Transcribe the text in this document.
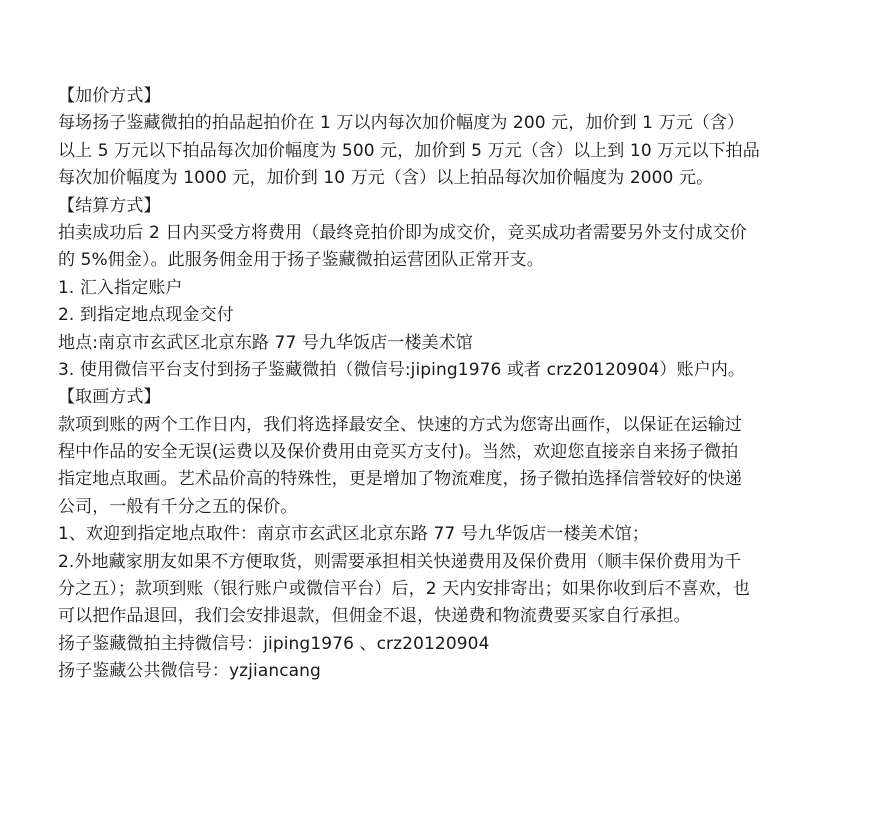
【加价方式】
每场扬子鉴藏微拍的拍品起拍价在 1 万以内每次加价幅度为 200 元，加价到 1 万元（含）
以上 5 万元以下拍品每次加价幅度为 500 元，加价到 5 万元（含）以上到 10 万元以下拍品
每次加价幅度为 1000 元，加价到 10 万元（含）以上拍品每次加价幅度为 2000 元。
【结算方式】
拍卖成功后 2 日内买受方将费用（最终竞拍价即为成交价，竞买成功者需要另外支付成交价
的 5%佣金）。此服务佣金用于扬子鉴藏微拍运营团队正常开支。
1. 汇入指定账户
2. 到指定地点现金交付
地点:南京市玄武区北京东路 77 号九华饭店一楼美术馆
3. 使用微信平台支付到扬子鉴藏微拍（微信号:jiping1976 或者 crz20120904）账户内。
【取画方式】
款项到账的两个工作日内，我们将选择最安全、快速的方式为您寄出画作，以保证在运输过
程中作品的安全无误(运费以及保价费用由竞买方支付)。当然，欢迎您直接亲自来扬子微拍
指定地点取画。艺术品价高的特殊性，更是增加了物流难度，扬子微拍选择信誉较好的快递
公司，一般有千分之五的保价。
1、欢迎到指定地点取件：南京市玄武区北京东路 77 号九华饭店一楼美术馆；
2.外地藏家朋友如果不方便取货，则需要承担相关快递费用及保价费用（顺丰保价费用为千
分之五）；款项到账（银行账户或微信平台）后，2 天内安排寄出；如果你收到后不喜欢，也
可以把作品退回，我们会安排退款，但佣金不退，快递费和物流费要买家自行承担。
扬子鉴藏微拍主持微信号：jiping1976 、crz20120904
扬子鉴藏公共微信号：yzjiancang
